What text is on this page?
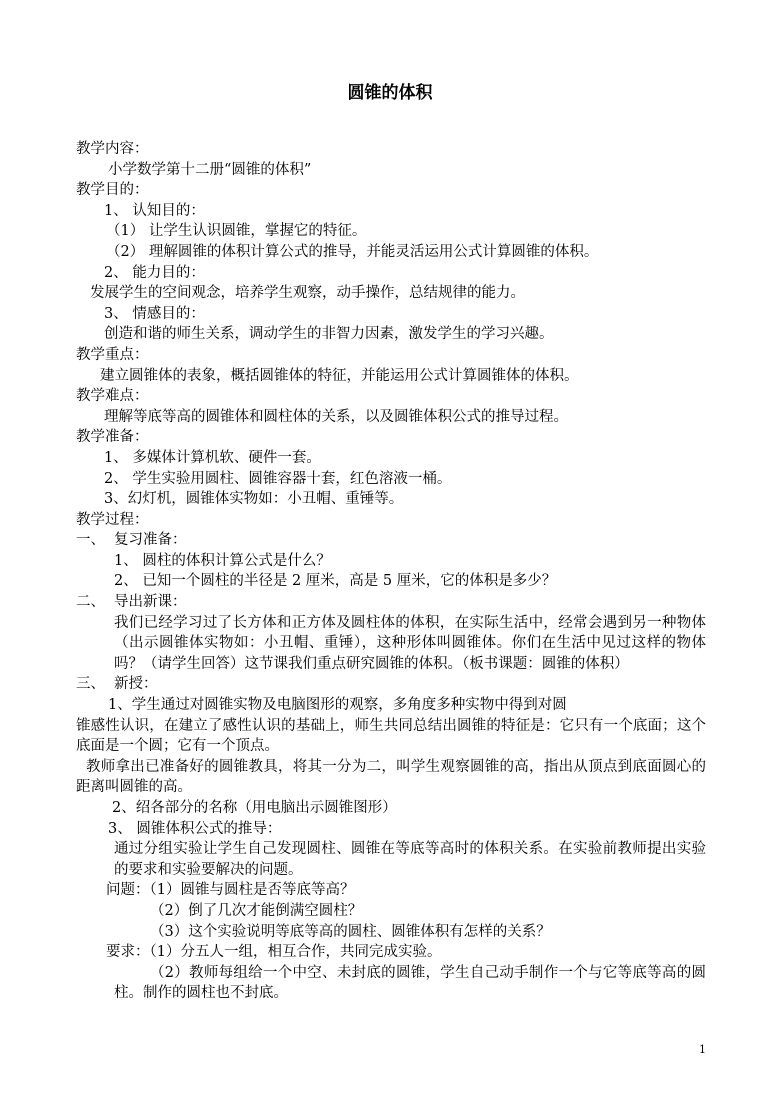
圆锥的体积
教学内容：
小学数学第十二册“圆锥的体积”
教学目的：
1、 认知目的：
（1） 让学生认识圆锥，掌握它的特征。
（2） 理解圆锥的体积计算公式的推导，并能灵活运用公式计算圆锥的体积。
2、 能力目的：
发展学生的空间观念，培养学生观察，动手操作，总结规律的能力。
3、 情感目的：
创造和谐的师生关系，调动学生的非智力因素，激发学生的学习兴趣。
教学重点：
建立圆锥体的表象，概括圆锥体的特征，并能运用公式计算圆锥体的体积。
教学难点：
理解等底等高的圆锥体和圆柱体的关系，以及圆锥体积公式的推导过程。
教学准备：
1、 多媒体计算机软、硬件一套。
2、 学生实验用圆柱、圆锥容器十套，红色溶液一桶。
3、幻灯机，圆锥体实物如：小丑帽、重锤等。
教学过程：
一、 复习准备：
1、 圆柱的体积计算公式是什么？
2、 已知一个圆柱的半径是 2 厘米，高是 5 厘米，它的体积是多少？
二、 导出新课：
我们已经学习过了长方体和正方体及圆柱体的体积，在实际生活中，经常会遇到另一种物体（出示圆锥体实物如：小丑帽、重锤），这种形体叫圆锥体。你们在生活中见过这样的物体吗？（请学生回答）这节课我们重点研究圆锥的体积。（板书课题：圆锥的体积）
三、 新授：
1、学生通过对圆锥实物及电脑图形的观察，多角度多种实物中得到对圆
锥感性认识，在建立了感性认识的基础上，师生共同总结出圆锥的特征是：它只有一个底面；这个底面是一个圆；它有一个顶点。
教师拿出已准备好的圆锥教具，将其一分为二，叫学生观察圆锥的高，指出从顶点到底面圆心的距离叫圆锥的高。
2、绍各部分的名称（用电脑出示圆锥图形）
3、 圆锥体积公式的推导：
通过分组实验让学生自己发现圆柱、圆锥在等底等高时的体积关系。在实验前教师提出实验的要求和实验要解决的问题。
问题：（1）圆锥与圆柱是否等底等高？
（2）倒了几次才能倒满空圆柱？
（3）这个实验说明等底等高的圆柱、圆锥体积有怎样的关系？
要求：（1）分五人一组，相互合作，共同完成实验。
（2）教师每组给一个中空、未封底的圆锥，学生自己动手制作一个与它等底等高的圆柱。制作的圆柱也不封底。
1
